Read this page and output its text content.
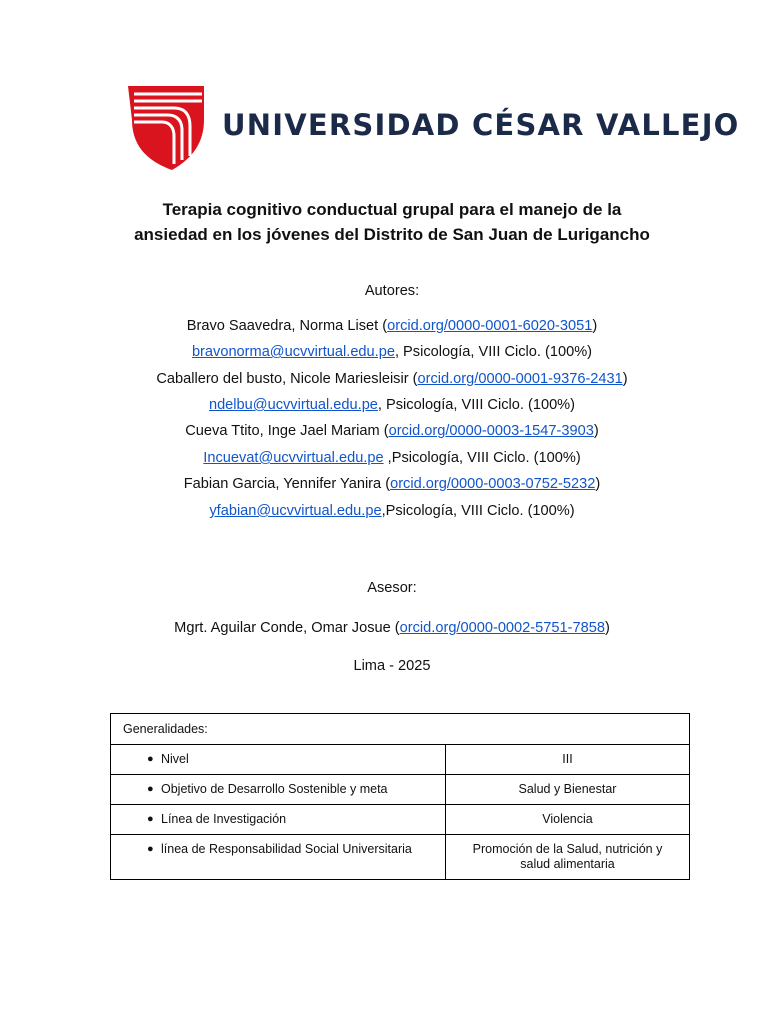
UNIVERSIDAD CÉSAR VALLEJO
Terapia cognitivo conductual grupal para el manejo de la
ansiedad en los jóvenes del Distrito de San Juan de Lurigancho
Autores:
Bravo Saavedra, Norma Liset (orcid.org/0000-0001-6020-3051)
bravonorma@ucvvirtual.edu.pe, Psicología, VIII Ciclo. (100%)
Caballero del busto, Nicole Mariesleisir (orcid.org/0000-0001-9376-2431)
ndelbu@ucvvirtual.edu.pe, Psicología, VIII Ciclo. (100%)
Cueva Ttito, Inge Jael Mariam (orcid.org/0000-0003-1547-3903)
Incuevat@ucvvirtual.edu.pe ,Psicología, VIII Ciclo. (100%)
Fabian Garcia, Yennifer Yanira (orcid.org/0000-0003-0752-5232)
yfabian@ucvvirtual.edu.pe,Psicología, VIII Ciclo. (100%)
Asesor:
Mgrt. Aguilar Conde, Omar Josue (orcid.org/0000-0002-5751-7858)
Lima - 2025
Generalidades:	

● Nivel	III

● Objetivo de Desarrollo Sostenible y meta	Salud y Bienestar

● Línea de Investigación	Violencia

● línea de Responsabilidad Social Universitaria	Promoción de la Salud, nutrición y salud alimentaria
